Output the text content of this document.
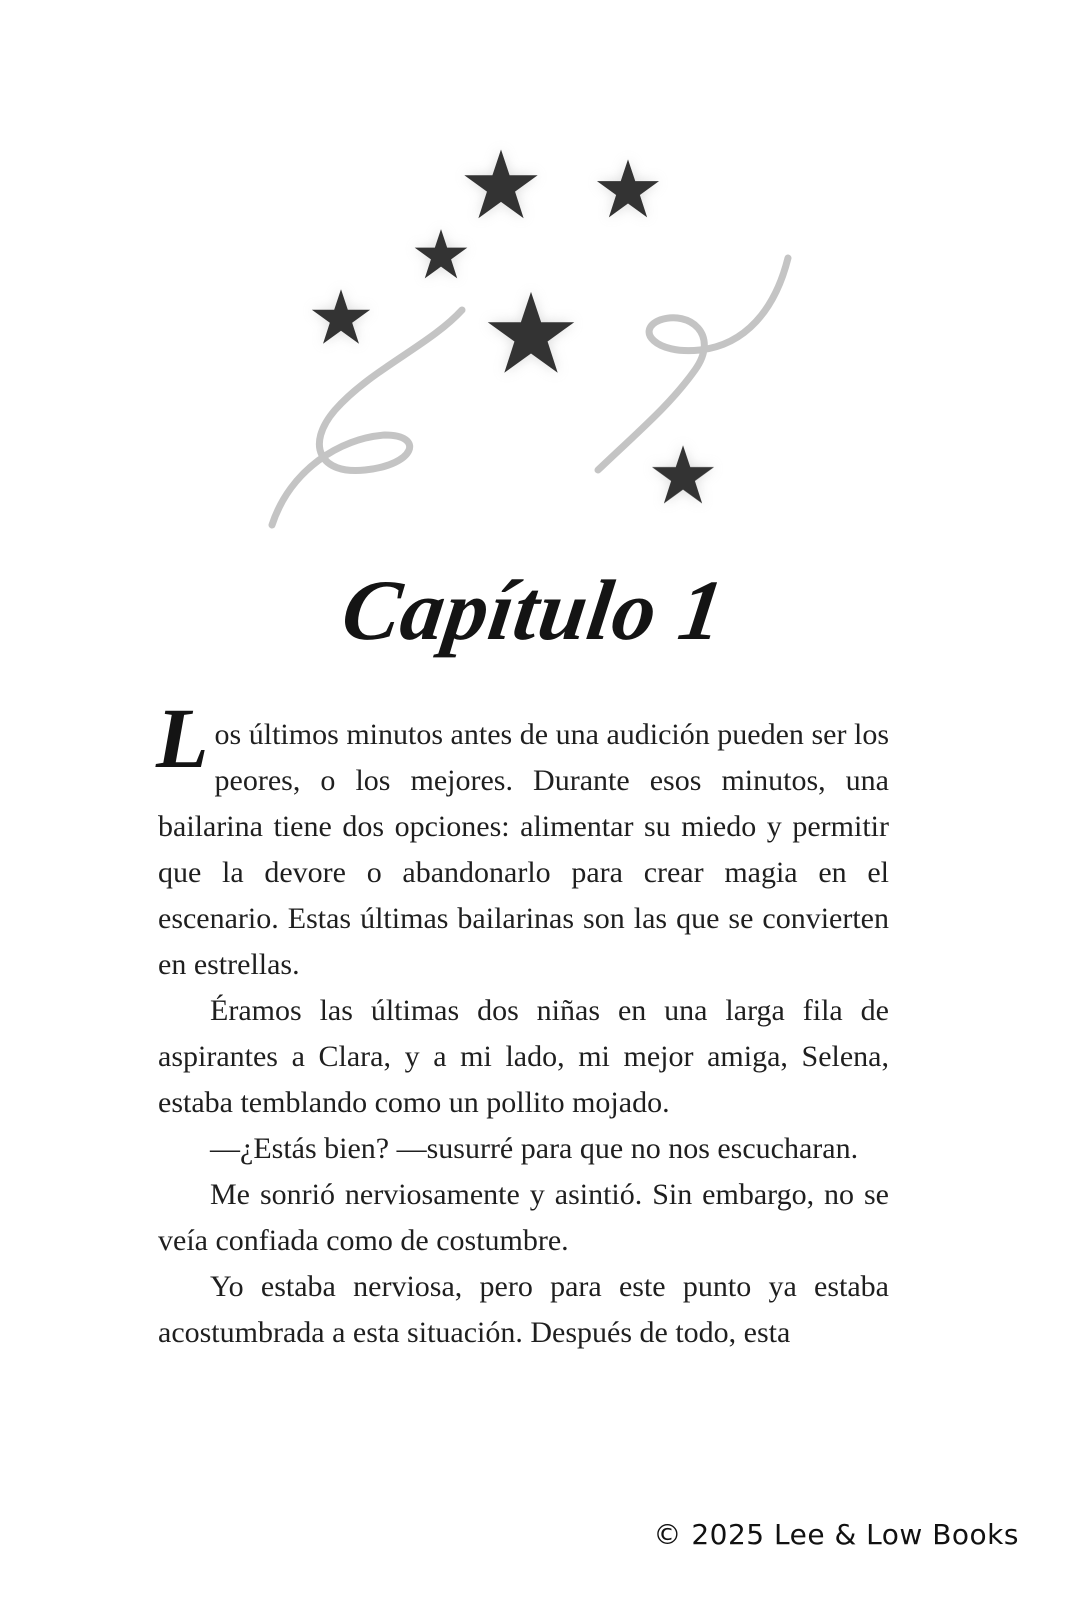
Capítulo 1

Los últimos minutos antes de una audición pueden ser los peores, o los mejores. Durante esos minutos, una bailarina tiene dos opciones: alimentar su miedo y permitir que la devore o abandonarlo para crear magia en el escenario. Estas últimas bailarinas son las que se convierten en estrellas.

Éramos las últimas dos niñas en una larga fila de aspirantes a Clara, y a mi lado, mi mejor amiga, Selena, estaba temblando como un pollito mojado.

—¿Estás bien? —susurré para que no nos escucharan.

Me sonrió nerviosamente y asintió. Sin embargo, no se veía confiada como de costumbre.

Yo estaba nerviosa, pero para este punto ya estaba acostumbrada a esta situación. Después de todo, esta

© 2025 Lee & Low Books
